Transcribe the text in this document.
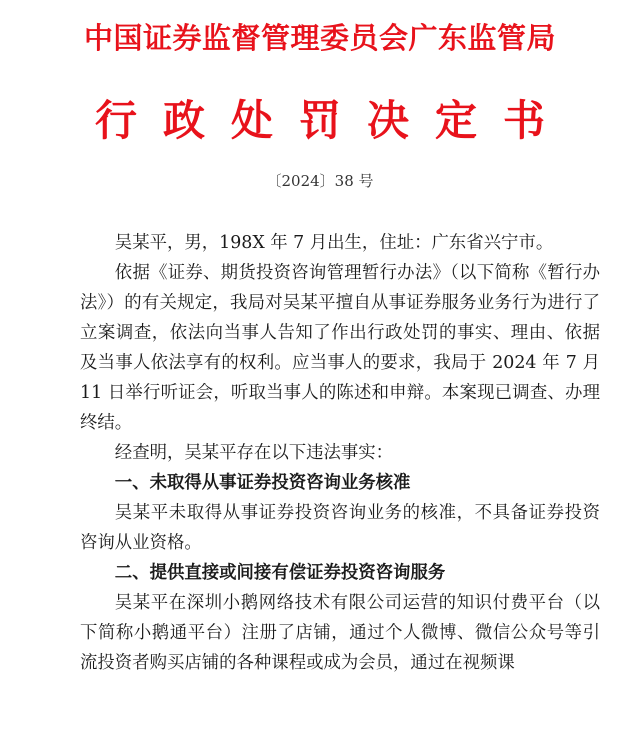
中国证券监督管理委员会广东监管局
行政处罚决定书
〔2024〕38 号

吴某平，男，198X 年 7 月出生，住址：广东省兴宁市。

依据《证券、期货投资咨询管理暂行办法》（以下简称《暂行办法》）的有关规定，我局对吴某平擅自从事证券服务业务行为进行了立案调查，依法向当事人告知了作出行政处罚的事实、理由、依据及当事人依法享有的权利。应当事人的要求，我局于 2024 年 7 月 11 日举行听证会，听取当事人的陈述和申辩。本案现已调查、办理终结。

经查明，吴某平存在以下违法事实：

一、未取得从事证券投资咨询业务核准

吴某平未取得从事证券投资咨询业务的核准，不具备证券投资咨询从业资格。

二、提供直接或间接有偿证券投资咨询服务

吴某平在深圳小鹅网络技术有限公司运营的知识付费平台（以下简称小鹅通平台）注册了店铺，通过个人微博、微信公众号等引流投资者购买店铺的各种课程或成为会员，通过在视频课
